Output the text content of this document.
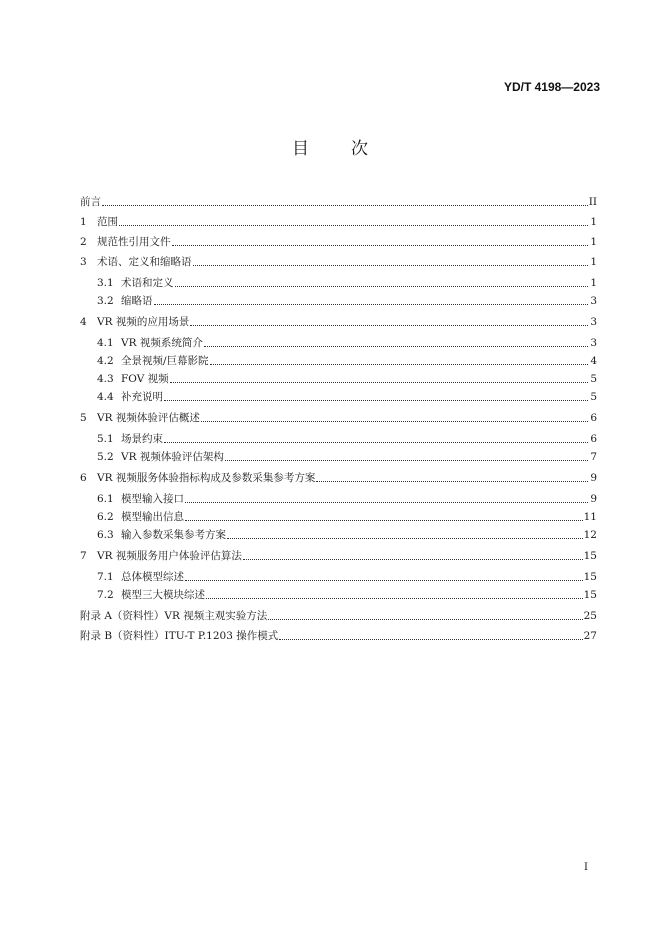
YD/T 4198—2023
目 次
前言	II
1 范围	1
2 规范性引用文件	1
3 术语、定义和缩略语	1
3.1 术语和定义	1
3.2 缩略语	3
4 VR 视频的应用场景	3
4.1 VR 视频系统简介	3
4.2 全景视频/巨幕影院	4
4.3 FOV 视频	5
4.4 补充说明	5
5 VR 视频体验评估概述	6
5.1 场景约束	6
5.2 VR 视频体验评估架构	7
6 VR 视频服务体验指标构成及参数采集参考方案	9
6.1 模型输入接口	9
6.2 模型输出信息	11
6.3 输入参数采集参考方案	12
7 VR 视频服务用户体验评估算法	15
7.1 总体模型综述	15
7.2 模型三大模块综述	15
附录 A（资料性）VR 视频主观实验方法	25
附录 B（资料性）ITU-T P.1203 操作模式	27
I
